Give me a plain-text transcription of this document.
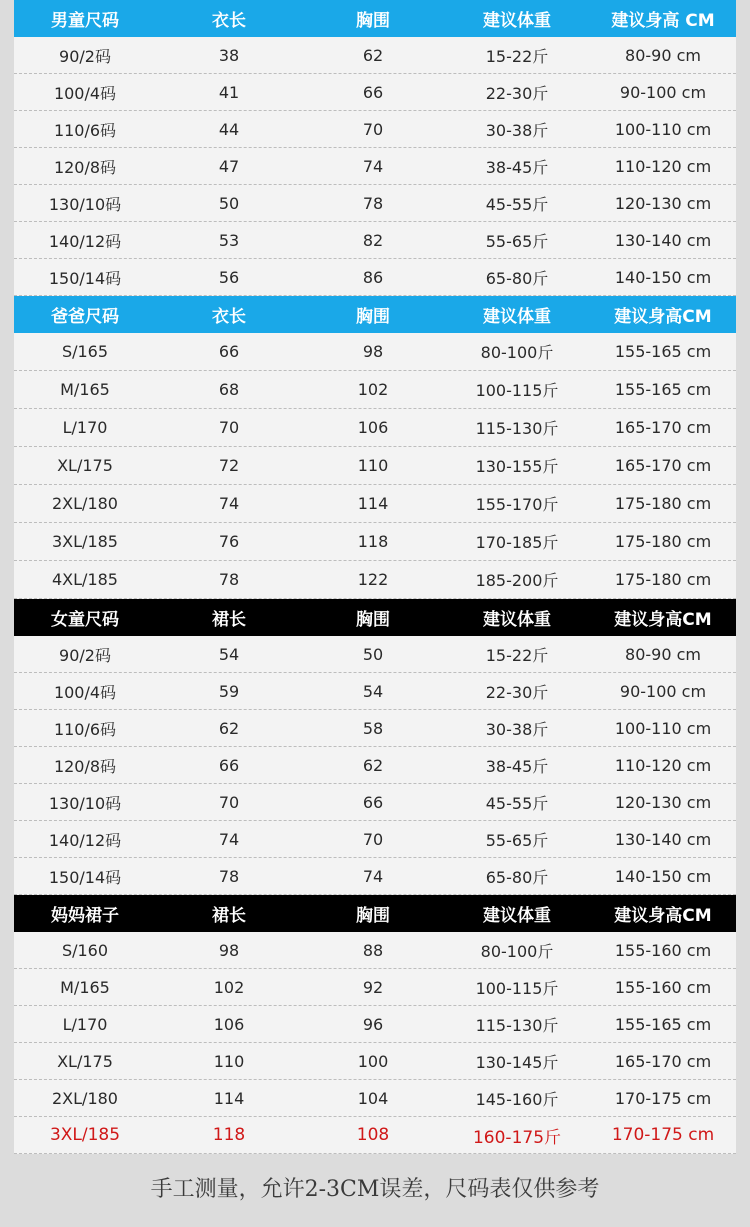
男童尺码	衣长	胸围	建议体重	建议身高 CM
90/2码	38	62	15-22斤	80-90 cm
100/4码	41	66	22-30斤	90-100 cm
110/6码	44	70	30-38斤	100-110 cm
120/8码	47	74	38-45斤	110-120 cm
130/10码	50	78	45-55斤	120-130 cm
140/12码	53	82	55-65斤	130-140 cm
150/14码	56	86	65-80斤	140-150 cm
爸爸尺码	衣长	胸围	建议体重	建议身高CM
S/165	66	98	80-100斤	155-165 cm
M/165	68	102	100-115斤	155-165 cm
L/170	70	106	115-130斤	165-170 cm
XL/175	72	110	130-155斤	165-170 cm
2XL/180	74	114	155-170斤	175-180 cm
3XL/185	76	118	170-185斤	175-180 cm
4XL/185	78	122	185-200斤	175-180 cm
女童尺码	裙长	胸围	建议体重	建议身高CM
90/2码	54	50	15-22斤	80-90 cm
100/4码	59	54	22-30斤	90-100 cm
110/6码	62	58	30-38斤	100-110 cm
120/8码	66	62	38-45斤	110-120 cm
130/10码	70	66	45-55斤	120-130 cm
140/12码	74	70	55-65斤	130-140 cm
150/14码	78	74	65-80斤	140-150 cm
妈妈裙子	裙长	胸围	建议体重	建议身高CM
S/160	98	88	80-100斤	155-160 cm
M/165	102	92	100-115斤	155-160 cm
L/170	106	96	115-130斤	155-165 cm
XL/175	110	100	130-145斤	165-170 cm
2XL/180	114	104	145-160斤	170-175 cm
3XL/185	118	108	160-175斤	170-175 cm
手工测量，允许2-3CM误差，尺码表仅供参考
